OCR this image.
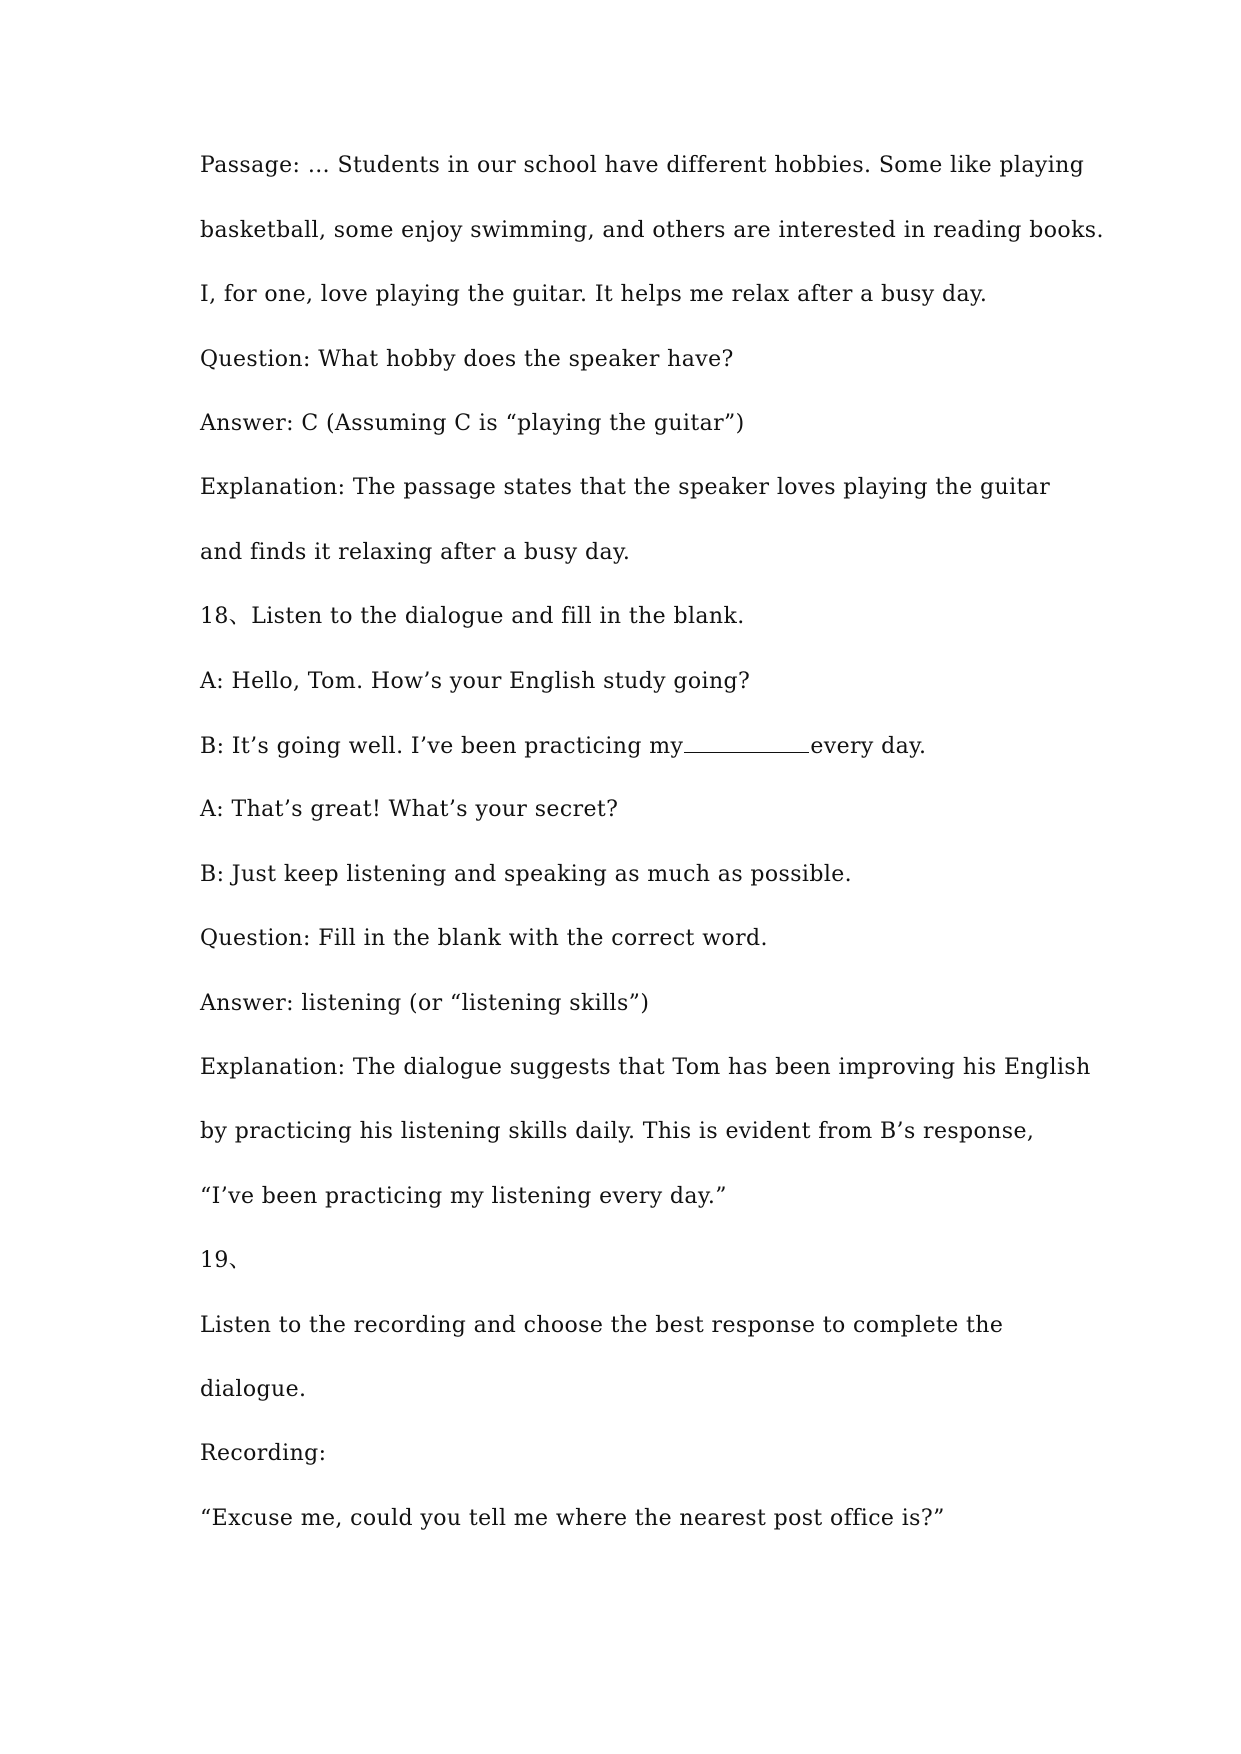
Passage: … Students in our school have different hobbies. Some like playing
basketball, some enjoy swimming, and others are interested in reading books.
I, for one, love playing the guitar. It helps me relax after a busy day.
Question: What hobby does the speaker have?
Answer: C (Assuming C is “playing the guitar”)
Explanation: The passage states that the speaker loves playing the guitar
and finds it relaxing after a busy day.
18、Listen to the dialogue and fill in the blank.
A: Hello, Tom. How’s your English study going?
B: It’s going well. I’ve been practicing my	every day.
A: That’s great! What’s your secret?
B: Just keep listening and speaking as much as possible.
Question: Fill in the blank with the correct word.
Answer: listening (or “listening skills”)
Explanation: The dialogue suggests that Tom has been improving his English
by practicing his listening skills daily. This is evident from B’s response,
“I’ve been practicing my listening every day.”
19、
Listen to the recording and choose the best response to complete the
dialogue.
Recording:
“Excuse me, could you tell me where the nearest post office is?”
